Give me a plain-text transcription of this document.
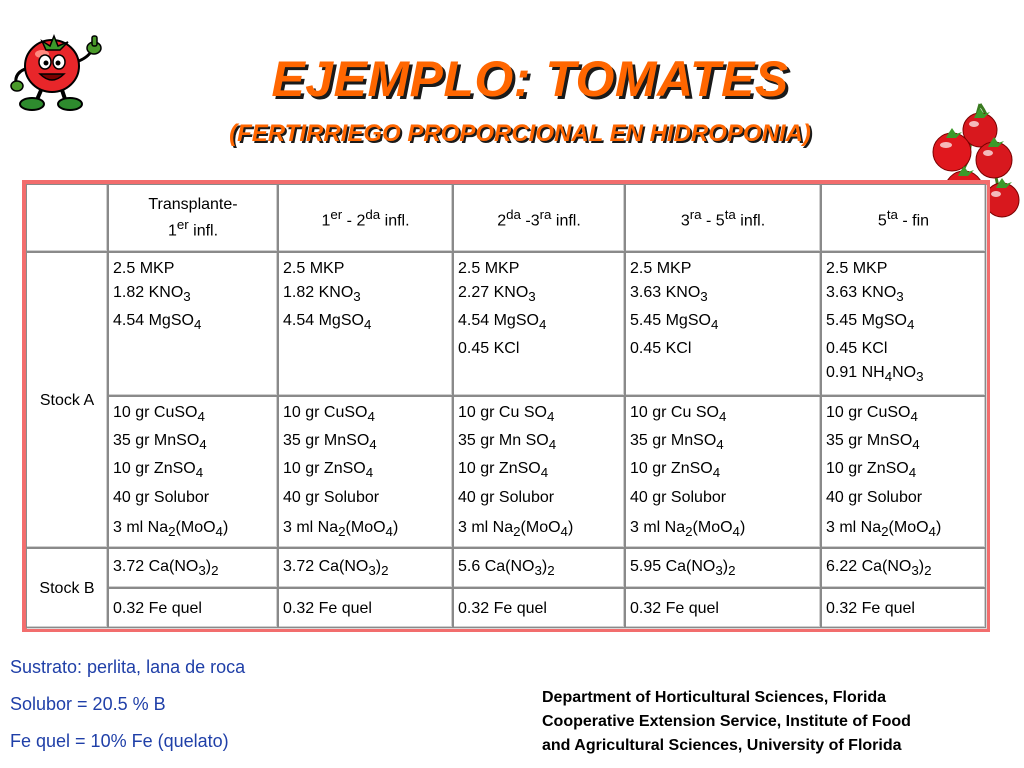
EJEMPLO: TOMATES
(FERTIRRIEGO PROPORCIONAL EN HIDROPONIA)
	Transplante-
1er infl.	$1er - 2^{da}$ infl.	$2^{da}$ $-3^{ra}$ infl.	$3^{ra} - 5^{ta}$ infl.	$5^{ta}$ - fin
Stock A	2.5 MKP
1.82 $KNO_3$
4.54 MgSO$_4$	2.5 MKP
1.82 $KNO_3$
4.54 MgSO$_4$	2.5 MKP
2.27 $KNO_3$
4.54 MgSO$_4$
0.45 KCl	2.5 MKP
3.63 $KNO_3$
5.45 MgSO$_4$
0.45 KCl	2.5 MKP
3.63 $KNO_3$
5.45 MgSO$_4$
0.45 KCl
0.91 $NH_4NO_3$

	10 gr CuSO$_4$
35 gr MnSO$_4$
10 gr ZnSO$_4$
40 gr Solubor
3 ml $Na_2(MoO_4)$	10 gr CuSO$_4$
35 gr MnSO$_4$
10 gr ZnSO$_4$
40 gr Solubor
3 ml $Na_2(MoO_4)$	10 gr Cu $SO_4$
35 gr Mn $SO_4$
10 gr ZnSO$_4$
40 gr Solubor
3 ml $Na_2(MoO_4)$	10 gr Cu $SO_4$
35 gr MnSO$_4$
10 gr ZnSO$_4$
40 gr Solubor
3 ml $Na_2(MoO_4)$	10 gr CuSO$_4$
35 gr MnSO$_4$
10 gr ZnSO$_4$
40 gr Solubor
3 ml $Na_2(MoO_4)$

Stock B	3.72 $Ca(NO_3)_2$	3.72 $Ca(NO_3)_2$	5.6 $Ca(NO_3)_2$	5.95 $Ca(NO_3)_2$	6.22 $Ca(NO_3)_2$
	0.32 Fe quel	0.32 Fe quel	0.32 Fe quel	0.32 Fe quel	0.32 Fe quel
Sustrato: perlita, lana de roca
Solubor = 20.5 % B
Fe quel = 10% Fe (quelato)
Department of Horticultural Sciences, Florida
Cooperative Extension Service, Institute of Food
and Agricultural Sciences, University of Florida
